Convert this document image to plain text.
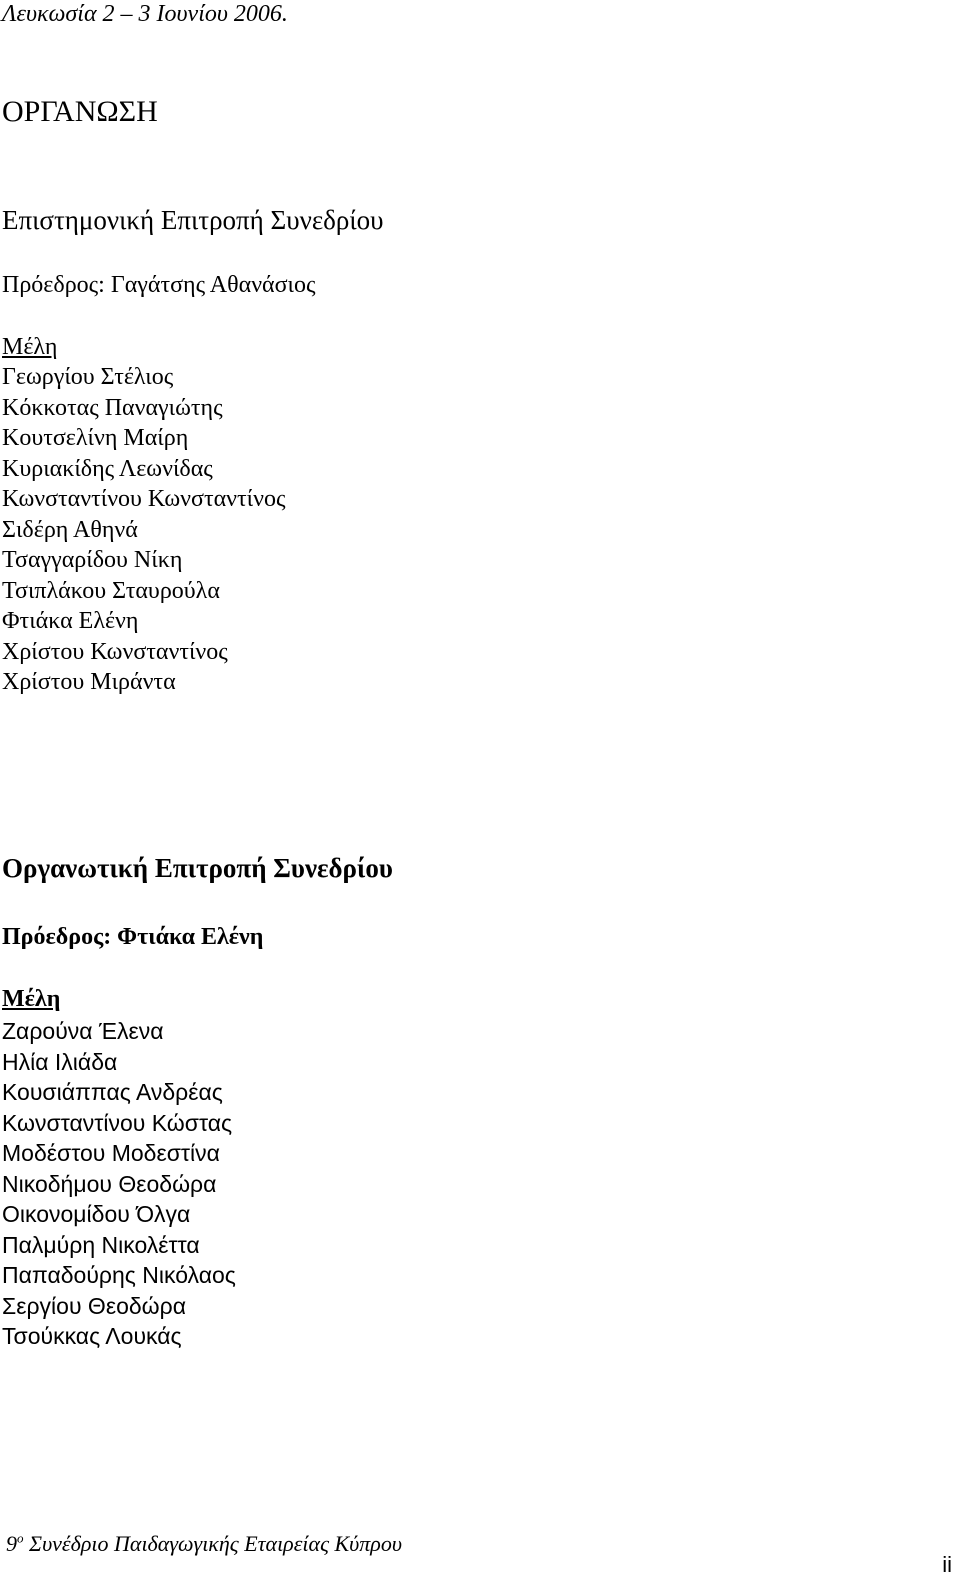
Λευκωσία 2 – 3 Ιουνίου 2006.
ΟΡΓΑΝΩΣΗ
Επιστημονική Επιτροπή Συνεδρίου
Πρόεδρος: Γαγάτσης Αθανάσιος
Μέλη
Γεωργίου Στέλιος
Κόκκοτας Παναγιώτης
Κουτσελίνη Μαίρη
Κυριακίδης Λεωνίδας
Κωνσταντίνου Κωνσταντίνος
Σιδέρη Αθηνά
Τσαγγαρίδου Νίκη
Τσιπλάκου Σταυρούλα
Φτιάκα Ελένη
Χρίστου Κωνσταντίνος
Χρίστου Μιράντα
Οργανωτική Επιτροπή Συνεδρίου
Πρόεδρος: Φτιάκα Ελένη
Μέλη
Ζαρούνα Έλενα
Ηλία Ιλιάδα
Κουσιάππας Ανδρέας
Κωνσταντίνου Κώστας
Μοδέστου Μοδεστίνα
Νικοδήμου Θεοδώρα
Οικονομίδου Όλγα
Παλμύρη Νικολέττα
Παπαδούρης Νικόλαος
Σεργίου Θεοδώρα
Τσούκκας Λουκάς
$9^o$ Συνέδριο Παιδαγωγικής Εταιρείας Κύπρου
ii
